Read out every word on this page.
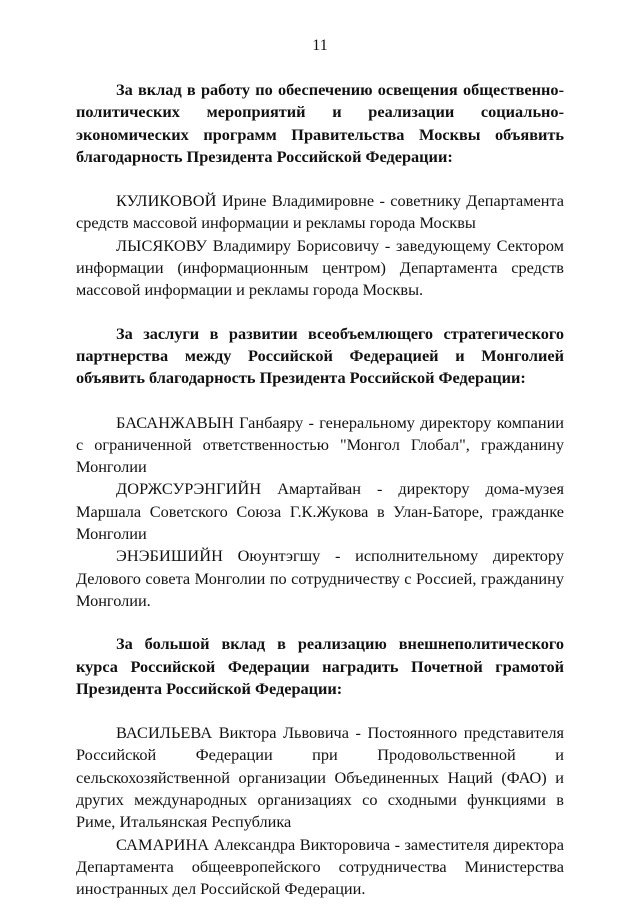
11

За вклад в работу по обеспечению освещения общественно-политических мероприятий и реализации социально-экономических программ Правительства Москвы объявить благодарность Президента Российской Федерации:

КУЛИКОВОЙ Ирине Владимировне - советнику Департамента средств массовой информации и рекламы города Москвы

ЛЫСЯКОВУ Владимиру Борисовичу - заведующему Сектором информации (информационным центром) Департамента средств массовой информации и рекламы города Москвы.

За заслуги в развитии всеобъемлющего стратегического партнерства между Российской Федерацией и Монголией объявить благодарность Президента Российской Федерации:

БАСАНЖАВЫН Ганбаяру - генеральному директору компании с ограниченной ответственностью "Монгол Глобал", гражданину Монголии

ДОРЖСУРЭНГИЙН Амартайван - директору дома-музея Маршала Советского Союза Г.К.Жукова в Улан-Баторе, гражданке Монголии

ЭНЭБИШИЙН Оюунтэгшу - исполнительному директору Делового совета Монголии по сотрудничеству с Россией, гражданину Монголии.

За большой вклад в реализацию внешнеполитического курса Российской Федерации наградить Почетной грамотой Президента Российской Федерации:

ВАСИЛЬЕВА Виктора Львовича - Постоянного представителя Российской Федерации при Продовольственной и сельскохозяйственной организации Объединенных Наций (ФАО) и других международных организациях со сходными функциями в Риме, Итальянская Республика

САМАРИНА Александра Викторовича - заместителя директора Департамента общеевропейского сотрудничества Министерства иностранных дел Российской Федерации.
